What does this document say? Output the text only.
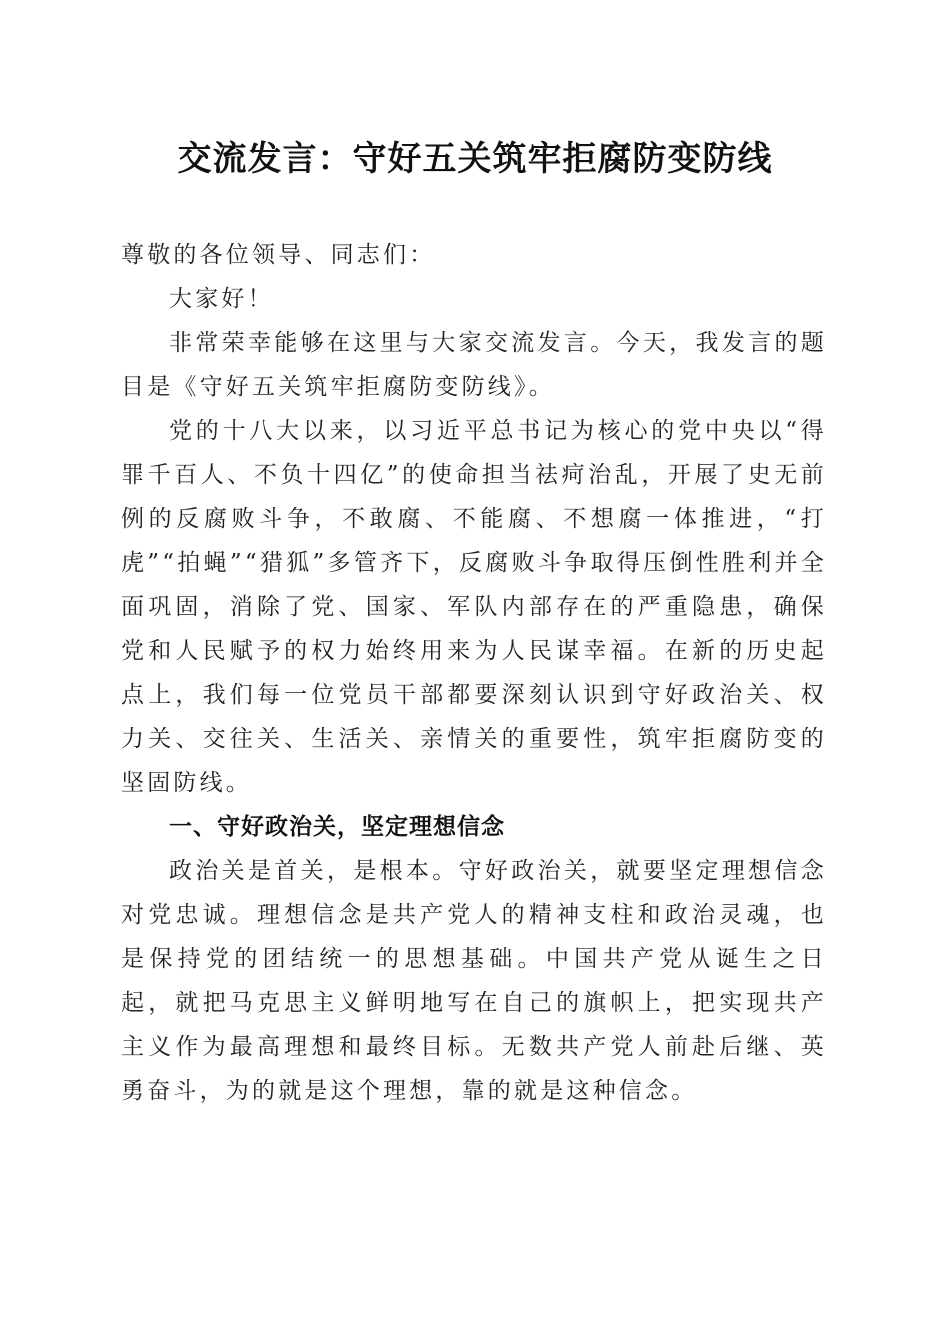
交流发言：守好五关筑牢拒腐防变防线

尊敬的各位领导、同志们：

大家好！

非常荣幸能够在这里与大家交流发言。今天，我发言的题目是《守好五关筑牢拒腐防变防线》。

党的十八大以来，以习近平总书记为核心的党中央以“得罪千百人、不负十四亿”的使命担当祛疴治乱，开展了史无前例的反腐败斗争，不敢腐、不能腐、不想腐一体推进，“打虎”“拍蝇”“猎狐”多管齐下，反腐败斗争取得压倒性胜利并全面巩固，消除了党、国家、军队内部存在的严重隐患，确保党和人民赋予的权力始终用来为人民谋幸福。在新的历史起点上，我们每一位党员干部都要深刻认识到守好政治关、权力关、交往关、生活关、亲情关的重要性，筑牢拒腐防变的坚固防线。

一、守好政治关，坚定理想信念

政治关是首关，是根本。守好政治关，就要坚定理想信念对党忠诚。理想信念是共产党人的精神支柱和政治灵魂，也是保持党的团结统一的思想基础。中国共产党从诞生之日起，就把马克思主义鲜明地写在自己的旗帜上，把实现共产主义作为最高理想和最终目标。无数共产党人前赴后继、英勇奋斗，为的就是这个理想，靠的就是这种信念。
